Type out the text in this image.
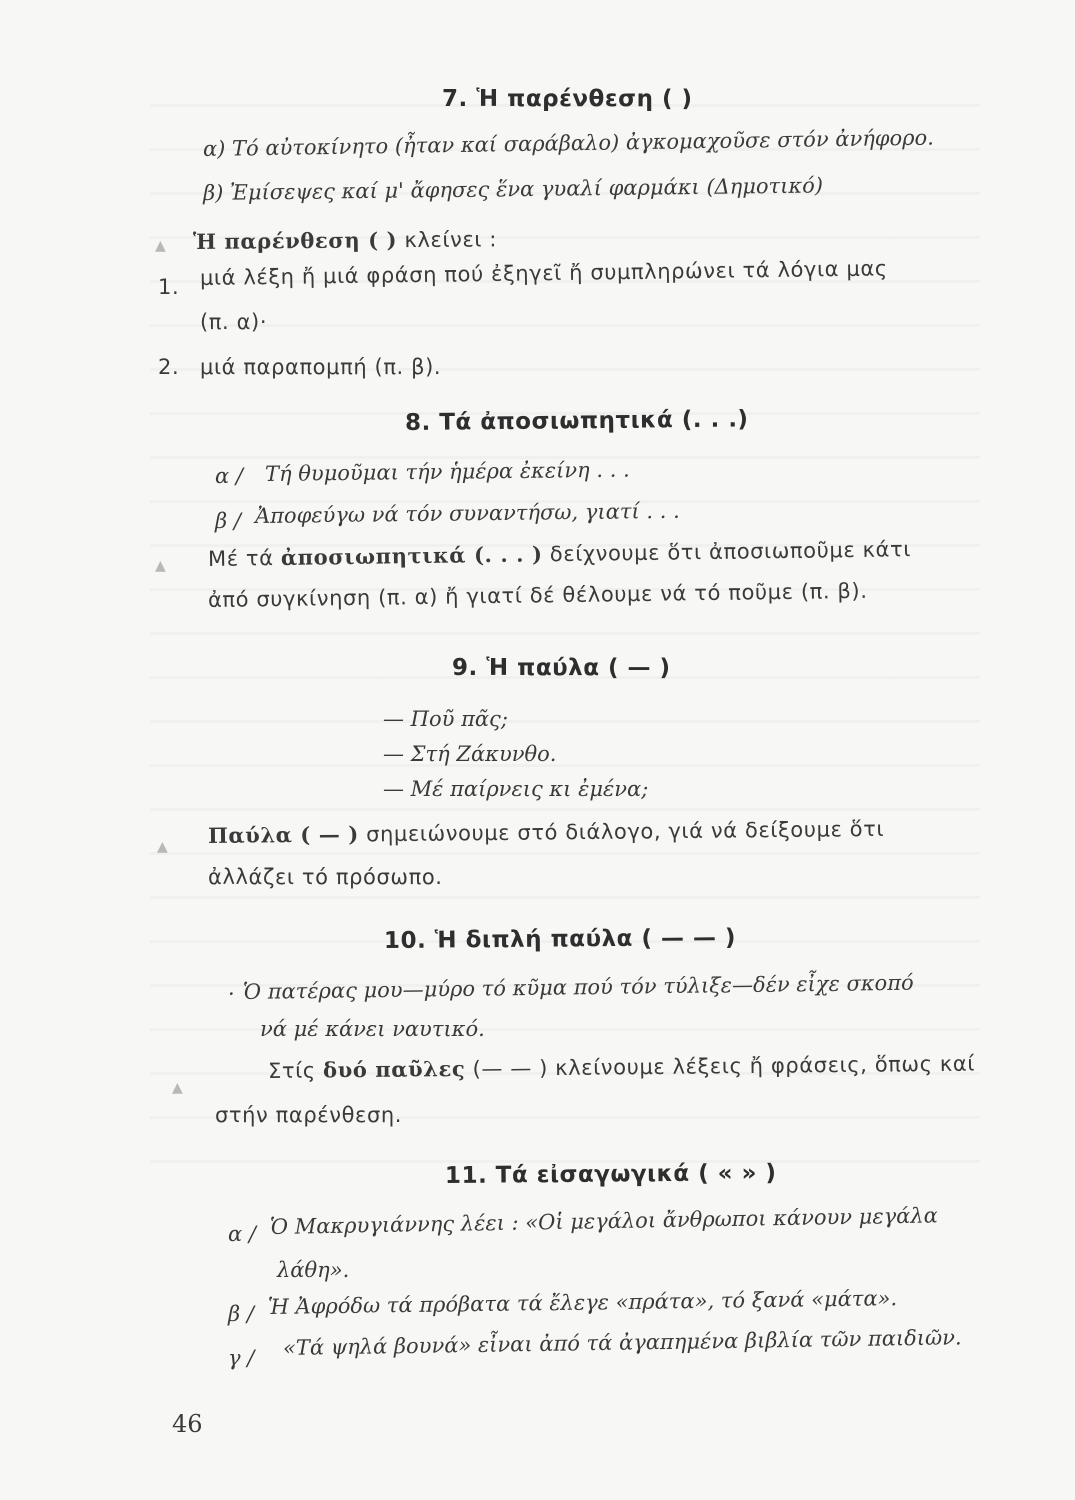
7. Ἡ παρένθεση ( )
α) Τό αὐτοκίνητο (ἦταν καί σαράβαλο) ἀγκομαχοῦσε στόν ἀνήφορο.
β) Ἐμίσεψες καί μ' ἄφησες ἕνα γυαλί φαρμάκι (Δημοτικό)
▲ Ἡ παρένθεση ( ) κλείνει :
1. μιά λέξη ἤ μιά φράση πού ἐξηγεῖ ἤ συμπληρώνει τά λόγια μας
(π. α)·
2. μιά παραπομπή (π. β).
8. Τά ἀποσιωπητικά (. . .)
α / Τή θυμοῦμαι τήν ἡμέρα ἐκείνη . . .
β / Ἀποφεύγω νά τόν συναντήσω, γιατί . . .
▲ Μέ τά ἀποσιωπητικά (. . . ) δείχνουμε ὅτι ἀποσιωποῦμε κάτι
ἀπό συγκίνηση (π. α) ἤ γιατί δέ θέλουμε νά τό ποῦμε (π. β).
9. Ἡ παύλα ( — )
— Ποῦ πᾶς;
— Στή Ζάκυνθο.
— Μέ παίρνεις κι ἐμένα;
▲ Παύλα ( — ) σημειώνουμε στό διάλογο, γιά νά δείξουμε ὅτι
ἀλλάζει τό πρόσωπο.
10. Ἡ διπλή παύλα ( — — )
· Ὁ πατέρας μου—μύρο τό κῦμα πού τόν τύλιξε—δέν εἶχε σκοπό
νά μέ κάνει ναυτικό.
▲
Στίς δυό παῦλες (— — ) κλείνουμε λέξεις ἤ φράσεις, ὅπως καί
στήν παρένθεση.
11. Τά εἰσαγωγικά ( « » )
α / Ὁ Μακρυγιάννης λέει : «Οἱ μεγάλοι ἄνθρωποι κάνουν μεγάλα
λάθη».
β / Ἡ Ἀφρόδω τά πρόβατα τά ἔλεγε «πράτα», τό ξανά «μάτα».
γ / «Τά ψηλά βουνά» εἶναι ἀπό τά ἀγαπημένα βιβλία τῶν παιδιῶν.
46
